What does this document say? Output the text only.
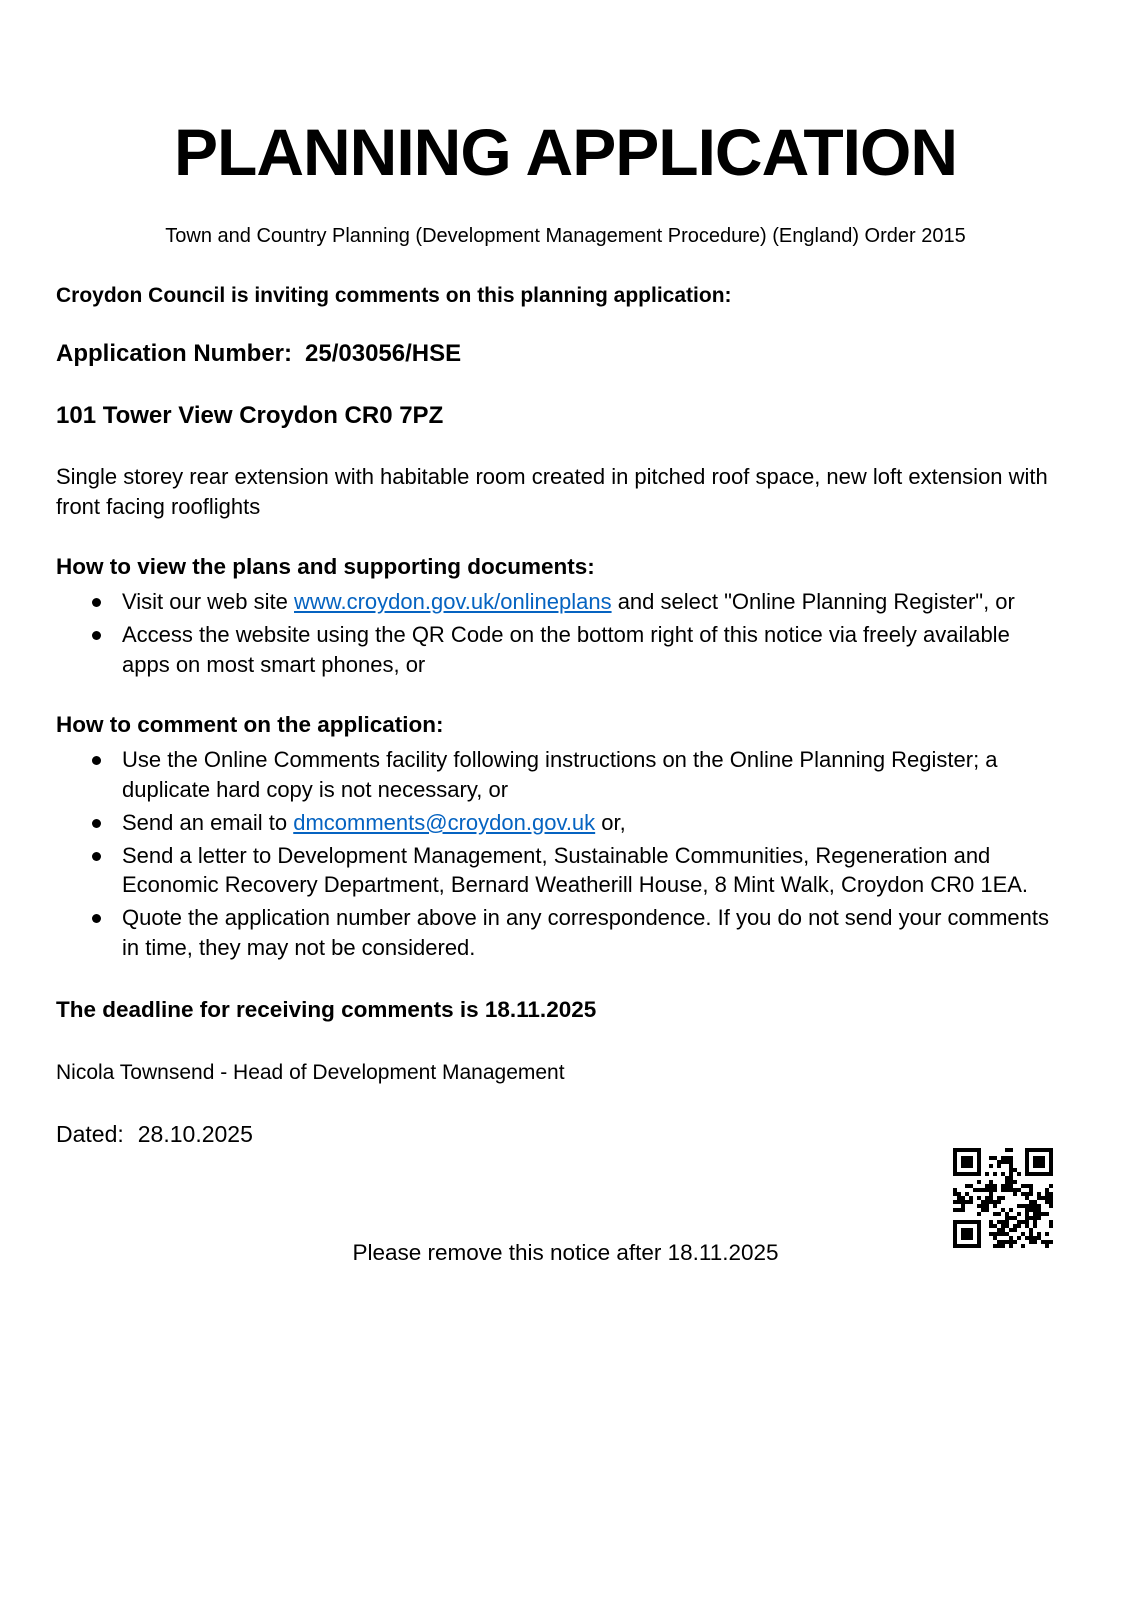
PLANNING APPLICATION

Town and Country Planning (Development Management Procedure) (England) Order 2015

Croydon Council is inviting comments on this planning application:

Application Number: 25/03056/HSE

101 Tower View Croydon CR0 7PZ

Single storey rear extension with habitable room created in pitched roof space, new loft extension with front facing rooflights

How to view the plans and supporting documents:
Visit our web site www.croydon.gov.uk/onlineplans and select "Online Planning Register", or
Access the website using the QR Code on the bottom right of this notice via freely available apps on most smart phones, or
How to comment on the application:
Use the Online Comments facility following instructions on the Online Planning Register; a duplicate hard copy is not necessary, or
Send an email to dmcomments@croydon.gov.uk or,
Send a letter to Development Management, Sustainable Communities, Regeneration and Economic Recovery Department, Bernard Weatherill House, 8 Mint Walk, Croydon CR0 1EA.
Quote the application number above in any correspondence. If you do not send your comments in time, they may not be considered.

The deadline for receiving comments is 18.11.2025

Nicola Townsend - Head of Development Management

Dated: 28.10.2025

Please remove this notice after 18.11.2025
